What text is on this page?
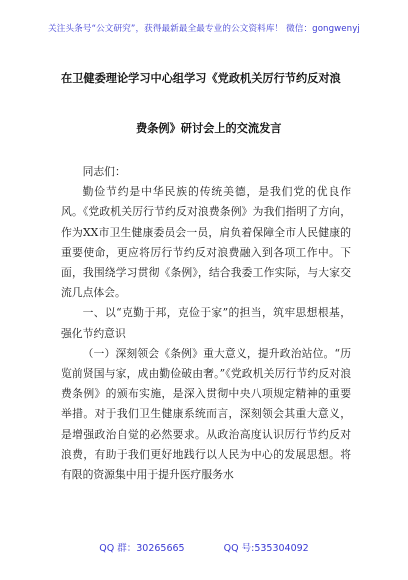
关注头条号“公文研究”，获得最新最全最专业的公文资料库！ 微信：gongwenyj
在卫健委理论学习中心组学习《党政机关厉行节约反对浪
费条例》研讨会上的交流发言

同志们：

勤俭节约是中华民族的传统美德，是我们党的优良作风。《党政机关厉行节约反对浪费条例》为我们指明了方向，作为XX市卫生健康委员会一员，肩负着保障全市人民健康的重要使命，更应将厉行节约反对浪费融入到各项工作中。下面，我围绕学习贯彻《条例》，结合我委工作实际，与大家交流几点体会。

一、以“克勤于邦，克俭于家”的担当，筑牢思想根基，强化节约意识

（一）深刻领会《条例》重大意义，提升政治站位。“历览前贤国与家，成由勤俭破由奢。”《党政机关厉行节约反对浪费条例》的颁布实施，是深入贯彻中央八项规定精神的重要举措。对于我们卫生健康系统而言，深刻领会其重大意义，是增强政治自觉的必然要求。从政治高度认识厉行节约反对浪费，有助于我们更好地践行以人民为中心的发展思想。将有限的资源集中用于提升医疗服务水

QQ 群：30265665	QQ 号:535304092
